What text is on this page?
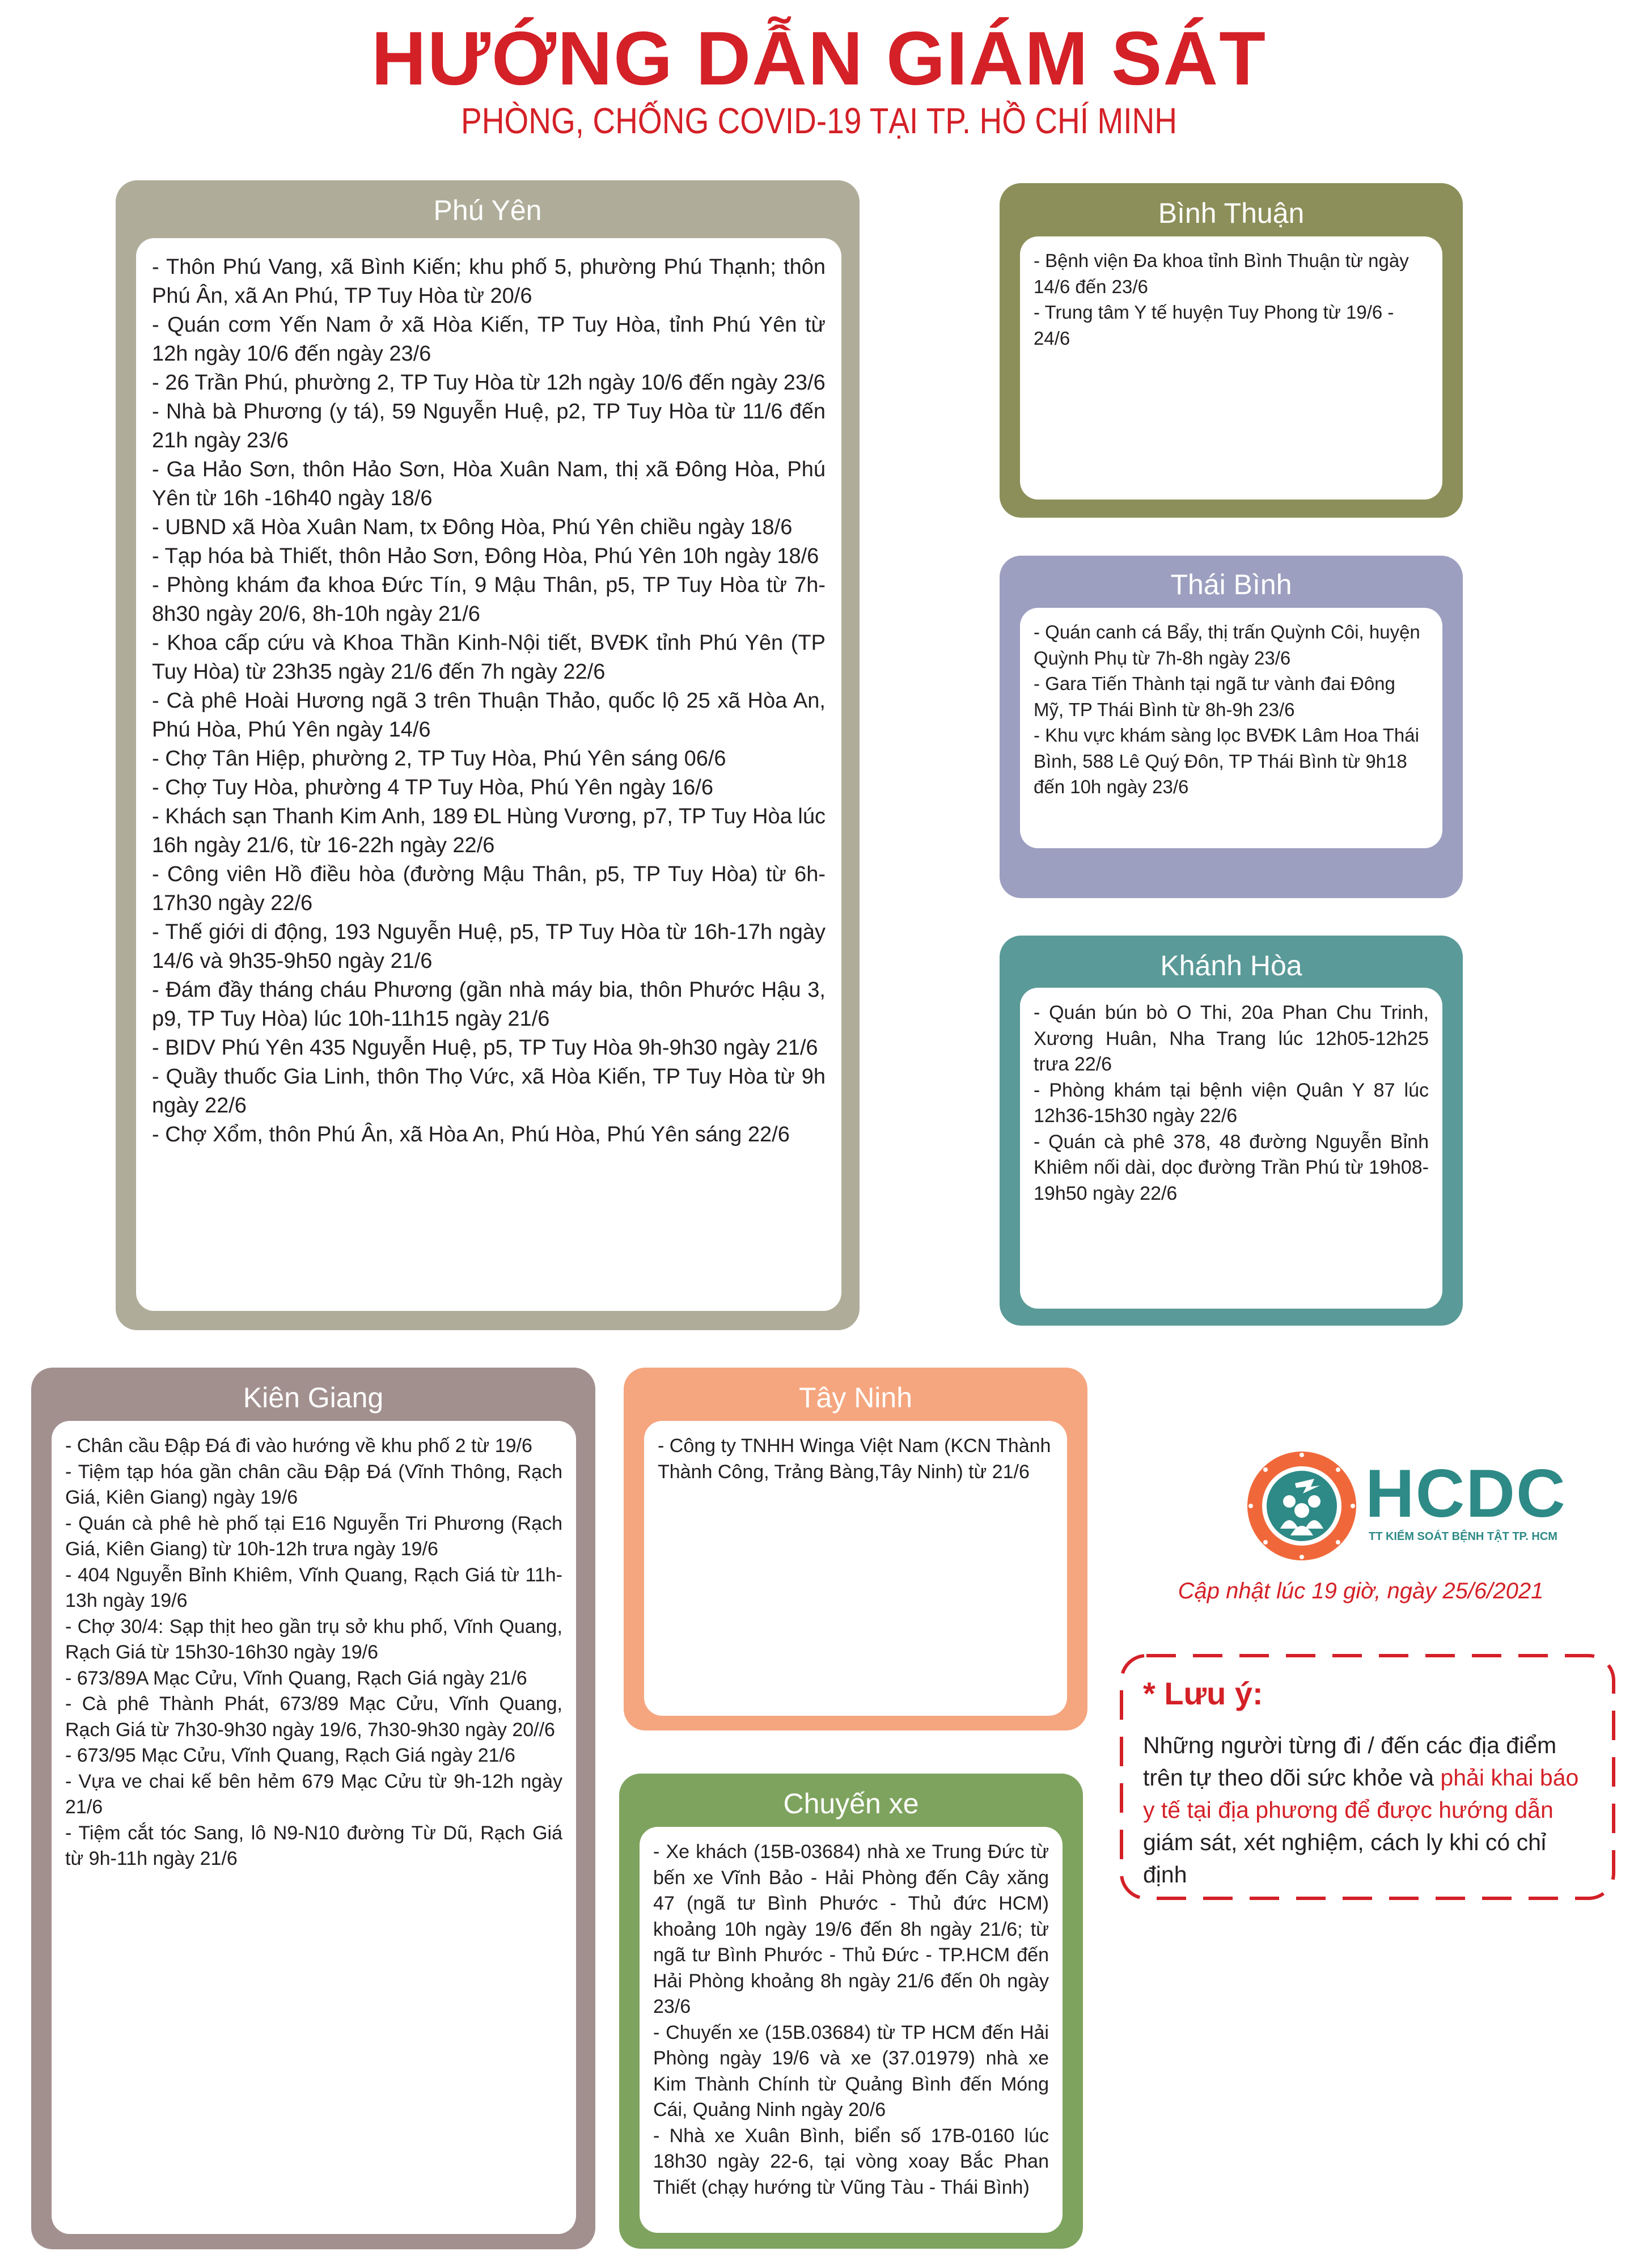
HƯỚNG DẪN GIÁM SÁT
PHÒNG, CHỐNG COVID-19 TẠI TP. HỒ CHÍ MINH
Phú Yên
- Thôn Phú Vang, xã Bình Kiến; khu phố 5, phường Phú Thạnh; thôn Phú Ân, xã An Phú, TP Tuy Hòa từ 20/6
- Quán cơm Yến Nam ở xã Hòa Kiến, TP Tuy Hòa, tỉnh Phú Yên từ 12h ngày 10/6 đến ngày 23/6
- 26 Trần Phú, phường 2, TP Tuy Hòa từ 12h ngày 10/6 đến ngày 23/6
- Nhà bà Phương (y tá), 59 Nguyễn Huệ, p2, TP Tuy Hòa từ 11/6 đến 21h ngày 23/6
- Ga Hảo Sơn, thôn Hảo Sơn, Hòa Xuân Nam, thị xã Đông Hòa, Phú Yên từ 16h -16h40 ngày 18/6
- UBND xã Hòa Xuân Nam, tx Đông Hòa, Phú Yên chiều ngày 18/6
- Tạp hóa bà Thiết, thôn Hảo Sơn, Đông Hòa, Phú Yên 10h ngày 18/6
- Phòng khám đa khoa Đức Tín, 9 Mậu Thân, p5, TP Tuy Hòa từ 7h-8h30 ngày 20/6, 8h-10h ngày 21/6
- Khoa cấp cứu và Khoa Thần Kinh-Nội tiết, BVĐK tỉnh Phú Yên (TP Tuy Hòa) từ 23h35 ngày 21/6 đến 7h ngày 22/6
- Cà phê Hoài Hương ngã 3 trên Thuận Thảo, quốc lộ 25 xã Hòa An, Phú Hòa, Phú Yên ngày 14/6
- Chợ Tân Hiệp, phường 2, TP Tuy Hòa, Phú Yên sáng 06/6
- Chợ Tuy Hòa, phường 4 TP Tuy Hòa, Phú Yên ngày 16/6
- Khách sạn Thanh Kim Anh, 189 ĐL Hùng Vương, p7, TP Tuy Hòa lúc 16h ngày 21/6, từ 16-22h ngày 22/6
- Công viên Hồ điều hòa (đường Mậu Thân, p5, TP Tuy Hòa) từ 6h-17h30 ngày 22/6
- Thế giới di động, 193 Nguyễn Huệ, p5, TP Tuy Hòa từ 16h-17h ngày 14/6 và 9h35-9h50 ngày 21/6
- Đám đầy tháng cháu Phương (gần nhà máy bia, thôn Phước Hậu 3, p9, TP Tuy Hòa) lúc 10h-11h15 ngày 21/6
- BIDV Phú Yên 435 Nguyễn Huệ, p5, TP Tuy Hòa 9h-9h30 ngày 21/6
- Quầy thuốc Gia Linh, thôn Thọ Vức, xã Hòa Kiến, TP Tuy Hòa từ 9h ngày 22/6
- Chợ Xổm, thôn Phú Ân, xã Hòa An, Phú Hòa, Phú Yên sáng 22/6
Bình Thuận
- Bệnh viện Đa khoa tỉnh Bình Thuận từ ngày 14/6 đến 23/6
- Trung tâm Y tế huyện Tuy Phong từ 19/6 - 24/6
Thái Bình
- Quán canh cá Bẩy, thị trấn Quỳnh Côi, huyện Quỳnh Phụ từ 7h-8h ngày 23/6
- Gara Tiến Thành tại ngã tư vành đai Đông Mỹ, TP Thái Bình từ 8h-9h 23/6
- Khu vực khám sàng lọc BVĐK Lâm Hoa Thái Bình, 588 Lê Quý Đôn, TP Thái Bình từ 9h18 đến 10h ngày 23/6
Khánh Hòa
- Quán bún bò O Thi, 20a Phan Chu Trinh, Xương Huân, Nha Trang lúc 12h05-12h25 trưa 22/6
- Phòng khám tại bệnh viện Quân Y 87 lúc 12h36-15h30 ngày 22/6
- Quán cà phê 378, 48 đường Nguyễn Bỉnh Khiêm nối dài, dọc đường Trần Phú từ 19h08-19h50 ngày 22/6
Kiên Giang
- Chân cầu Đập Đá đi vào hướng về khu phố 2 từ 19/6
- Tiệm tạp hóa gần chân cầu Đập Đá (Vĩnh Thông, Rạch Giá, Kiên Giang) ngày 19/6
- Quán cà phê hè phố tại E16 Nguyễn Tri Phương (Rạch Giá, Kiên Giang) từ 10h-12h trưa ngày 19/6
- 404 Nguyễn Bỉnh Khiêm, Vĩnh Quang, Rạch Giá từ 11h-13h ngày 19/6
- Chợ 30/4: Sạp thịt heo gần trụ sở khu phố, Vĩnh Quang, Rạch Giá từ 15h30-16h30 ngày 19/6
- 673/89A Mạc Cửu, Vĩnh Quang, Rạch Giá ngày 21/6
- Cà phê Thành Phát, 673/89 Mạc Cửu, Vĩnh Quang, Rạch Giá từ 7h30-9h30 ngày 19/6, 7h30-9h30 ngày 20//6
- 673/95 Mạc Cửu, Vĩnh Quang, Rạch Giá ngày 21/6
- Vựa ve chai kế bên hẻm 679 Mạc Cửu từ 9h-12h ngày 21/6
- Tiệm cắt tóc Sang, lô N9-N10 đường Từ Dũ, Rạch Giá từ 9h-11h ngày 21/6
Tây Ninh
- Công ty TNHH Winga Việt Nam (KCN Thành Thành Công, Trảng Bàng,Tây Ninh) từ 21/6
Chuyến xe
- Xe khách (15B-03684) nhà xe Trung Đức từ bến xe Vĩnh Bảo - Hải Phòng đến Cây xăng 47 (ngã tư Bình Phước - Thủ đức HCM) khoảng 10h ngày 19/6 đến 8h ngày 21/6; từ ngã tư Bình Phước - Thủ Đức - TP.HCM đến Hải Phòng khoảng 8h ngày 21/6 đến 0h ngày 23/6
- Chuyến xe (15B.03684) từ TP HCM đến Hải Phòng ngày 19/6 và xe (37.01979) nhà xe Kim Thành Chính từ Quảng Bình đến Móng Cái, Quảng Ninh ngày 20/6
- Nhà xe Xuân Bình, biển số 17B-0160 lúc 18h30 ngày 22-6, tại vòng xoay Bắc Phan Thiết (chạy hướng từ Vũng Tàu - Thái Bình)
HCDC
TT KIỂM SOÁT BỆNH TẬT TP. HCM
Cập nhật lúc 19 giờ, ngày 25/6/2021
* Lưu ý:
Những người từng đi / đến các địa điểm trên tự theo dõi sức khỏe và phải khai báo y tế tại địa phương để được hướng dẫn giám sát, xét nghiệm, cách ly khi có chỉ định
